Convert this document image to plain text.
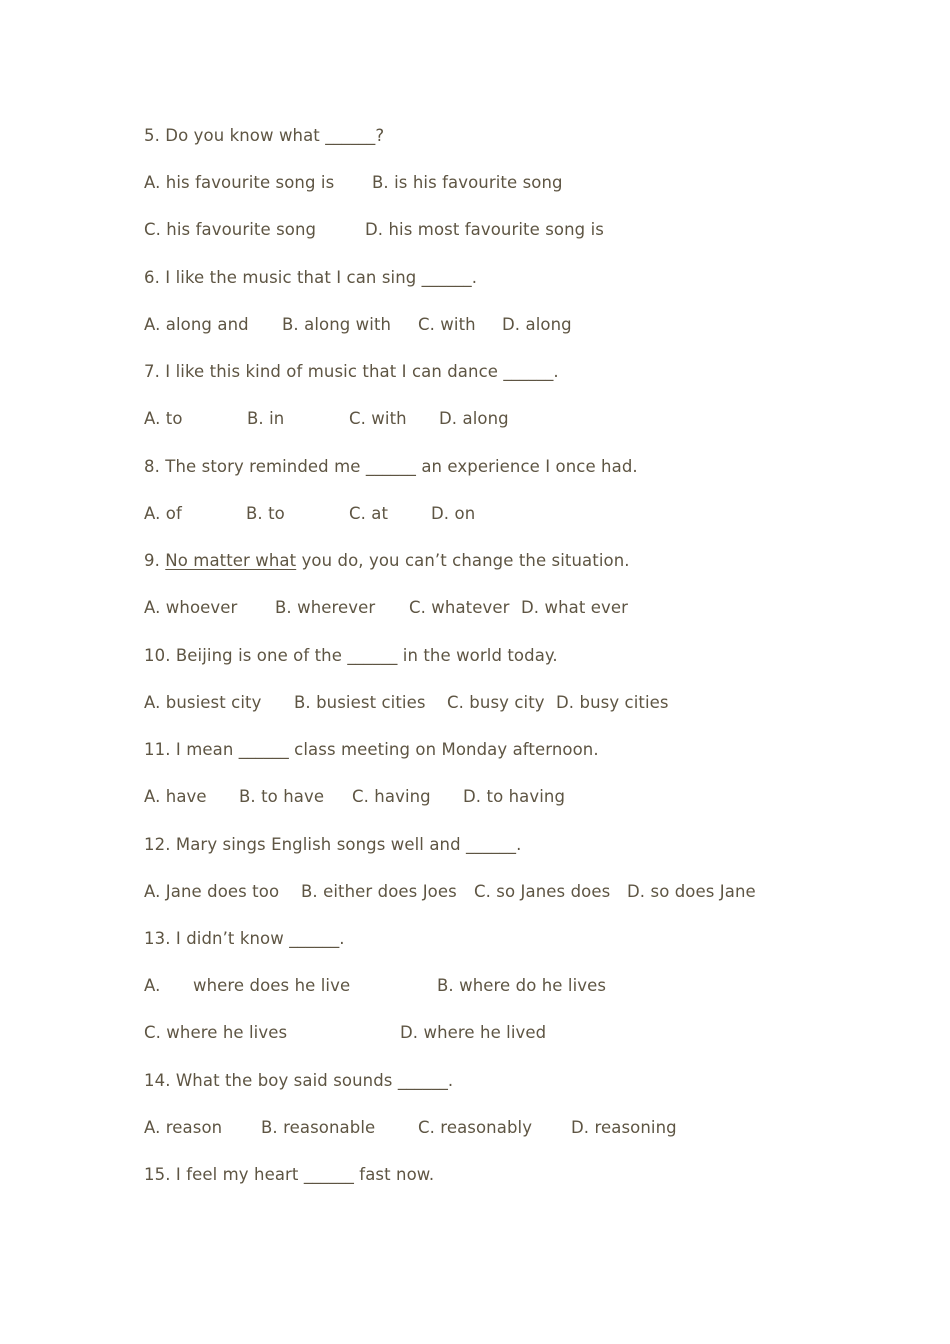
5. Do you know what ______?
A. his favourite song is B. is his favourite song
C. his favourite song	D. his most favourite song is
6. I like the music that I can sing ______.
A. along and B. along with C. with D. along
7. I like this kind of music that I can dance ______.
A. to	B. in	C. with D. along
8. The story reminded me ______ an experience I once had.
A. of	B. to	C. at	D. on
9. No matter what you do, you can’t change the situation.
A. whoever B. wherever C. whatever D. what ever
10. Beijing is one of the ______ in the world today.
A. busiest city B. busiest cities C. busy city D. busy cities
11. I mean ______ class meeting on Monday afternoon.
A. have B. to have C. having D. to having
12. Mary sings English songs well and ______.
A. Jane does too B. either does Joes C. so Janes does D. so does Jane
13. I didn’t know ______.
A. where does he live	B. where do he lives
C. where he lives	D. where he lived
14. What the boy said sounds ______.
A. reason B. reasonable	C. reasonably D. reasoning
15. I feel my heart ______ fast now.
